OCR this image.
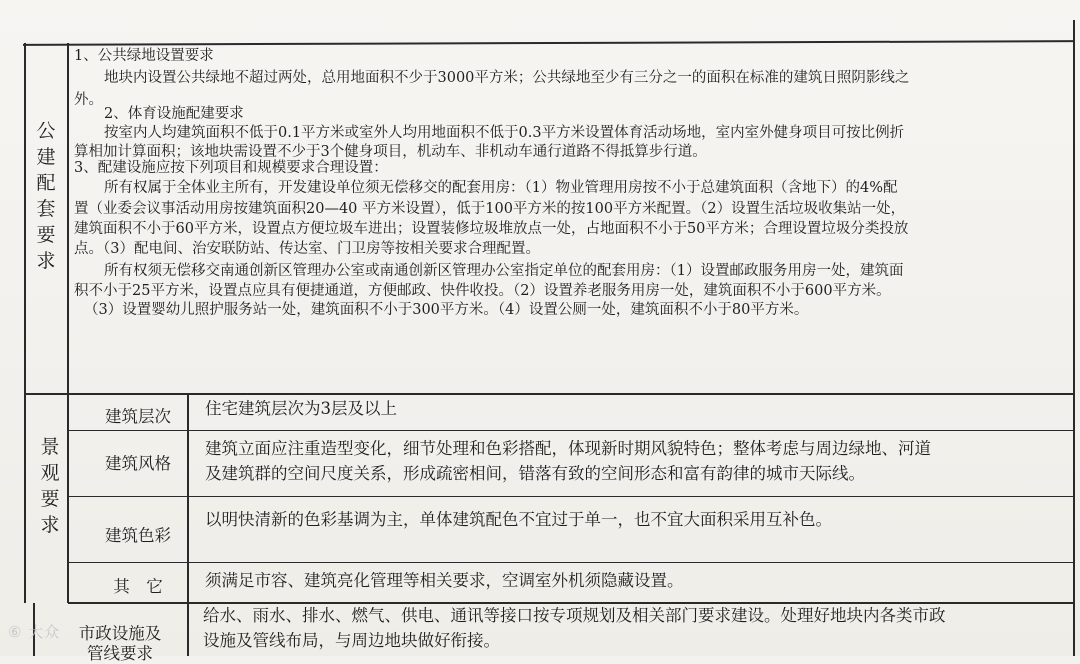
公建配套要求
1、公共绿地设置要求
地块内设置公共绿地不超过两处，总用地面积不少于3000平方米；公共绿地至少有三分之一的面积在标准的建筑日照阴影线之
外。
2、体育设施配建要求
按室内人均建筑面积不低于0.1平方米或室外人均用地面积不低于0.3平方米设置体育活动场地，室内室外健身项目可按比例折
算相加计算面积；该地块需设置不少于3个健身项目，机动车、非机动车通行道路不得抵算步行道。
3、配建设施应按下列项目和规模要求合理设置：
所有权属于全体业主所有，开发建设单位须无偿移交的配套用房：（1）物业管理用房按不小于总建筑面积（含地下）的4%配
置（业委会议事活动用房按建筑面积20—40 平方米设置），低于100平方米的按100平方米配置。（2）设置生活垃圾收集站一处，
建筑面积不小于60平方米，设置点方便垃圾车进出；设置装修垃圾堆放点一处，占地面积不小于50平方米；合理设置垃圾分类投放
点。（3）配电间、治安联防站、传达室、门卫房等按相关要求合理配置。
所有权须无偿移交南通创新区管理办公室或南通创新区管理办公室指定单位的配套用房：（1）设置邮政服务用房一处，建筑面
积不小于25平方米，设置点应具有便捷通道，方便邮政、快件收投。（2）设置养老服务用房一处，建筑面积不小于600平方米。
（3）设置婴幼儿照护服务站一处，建筑面积不小于300平方米。（4）设置公厕一处，建筑面积不小于80平方米。
景观要求
建筑层次	住宅建筑层次为3层及以上
建筑风格
建筑立面应注重造型变化，细节处理和色彩搭配，体现新时期风貌特色；整体考虑与周边绿地、河道
及建筑群的空间尺度关系，形成疏密相间，错落有致的空间形态和富有韵律的城市天际线。
建筑色彩
以明快清新的色彩基调为主，单体建筑配色不宜过于单一，也不宜大面积采用互补色。
其　它	须满足市容、建筑亮化管理等相关要求，空调室外机须隐藏设置。
市政设施及
管线要求
给水、雨水、排水、燃气、供电、通讯等接口按专项规划及相关部门要求建设。处理好地块内各类市政
设施及管线布局，与周边地块做好衔接。
⑥ 大众
